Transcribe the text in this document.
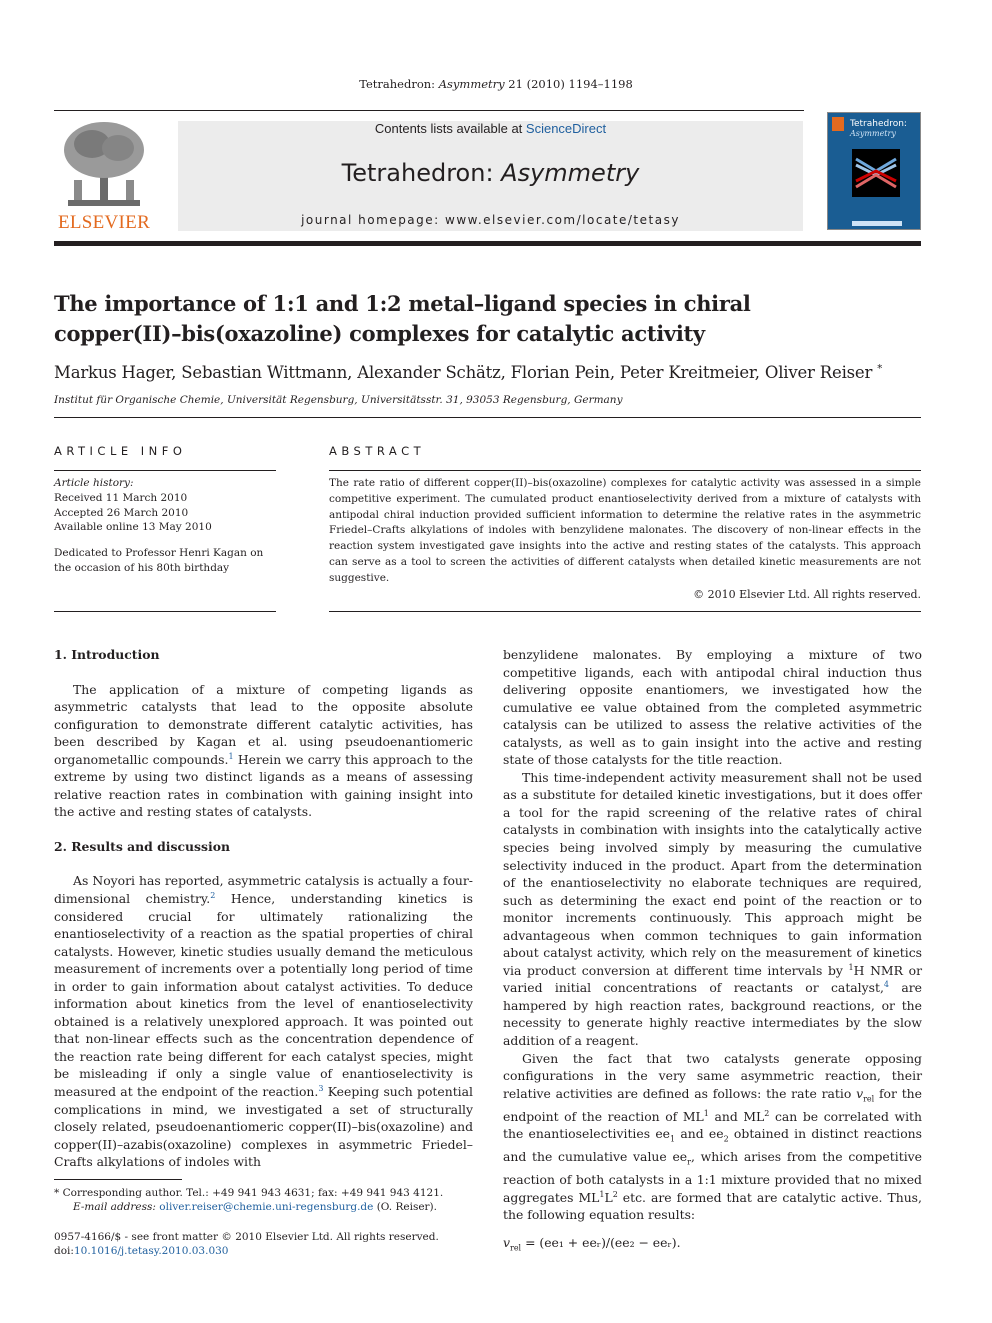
Tetrahedron: Asymmetry 21 (2010) 1194–1198
ELSEVIER
Contents lists available at ScienceDirect
Tetrahedron: Asymmetry
journal homepage: www.elsevier.com/locate/tetasy
Tetrahedron:
Asymmetry
The importance of 1:1 and 1:2 metal–ligand species in chiral
copper(II)–bis(oxazoline) complexes for catalytic activity
Markus Hager, Sebastian Wittmann, Alexander Schätz, Florian Pein, Peter Kreitmeier, Oliver Reiser *
Institut für Organische Chemie, Universität Regensburg, Universitätsstr. 31, 93053 Regensburg, Germany
ARTICLE INFO	ABSTRACT
Article history:
Received 11 March 2010
Accepted 26 March 2010
Available online 13 May 2010
Dedicated to Professor Henri Kagan on the occasion of his 80th birthday
The rate ratio of different copper(II)–bis(oxazoline) complexes for catalytic activity was assessed in a simple competitive experiment. The cumulated product enantioselectivity derived from a mixture of catalysts with antipodal chiral induction provided sufficient information to determine the relative rates in the asymmetric Friedel–Crafts alkylations of indoles with benzylidene malonates. The discovery of non-linear effects in the reaction system investigated gave insights into the active and resting states of the catalysts. This approach can serve as a tool to screen the activities of different catalysts when detailed kinetic measurements are not suggestive.
© 2010 Elsevier Ltd. All rights reserved.
1. Introduction
The application of a mixture of competing ligands as asymmetric catalysts that lead to the opposite absolute configuration to demonstrate different catalytic activities, has been described by Kagan et al. using pseudoenantiomeric organometallic compounds.$^1$ Herein we carry this approach to the extreme by using two distinct ligands as a means of assessing relative reaction rates in combination with gaining insight into the active and resting states of catalysts.
2. Results and discussion
As Noyori has reported, asymmetric catalysis is actually a four-dimensional chemistry.$^2$ Hence, understanding kinetics is considered crucial for ultimately rationalizing the enantioselectivity of a reaction as the spatial properties of chiral catalysts. However, kinetic studies usually demand the meticulous measurement of increments over a potentially long period of time in order to gain information about catalyst activities. To deduce information about kinetics from the level of enantioselectivity obtained is a relatively unexplored approach. It was pointed out that non-linear effects such as the concentration dependence of the reaction rate being different for each catalyst species, might be misleading if only a single value of enantioselectivity is measured at the endpoint of the reaction.$^3$ Keeping such potential complications in mind, we investigated a set of structurally closely related, pseudoenantiomeric copper(II)–bis(oxazoline) and copper(II)–azabis(oxazoline) complexes in asymmetric Friedel–Crafts alkylations of indoles with
benzylidene malonates. By employing a mixture of two competitive ligands, each with antipodal chiral induction thus delivering opposite enantiomers, we investigated how the cumulative ee value obtained from the completed asymmetric catalysis can be utilized to assess the relative activities of the catalysts, as well as to gain insight into the active and resting state of those catalysts for the title reaction.
This time-independent activity measurement shall not be used as a substitute for detailed kinetic investigations, but it does offer a tool for the rapid screening of the relative rates of chiral catalysts in combination with insights into the catalytically active species being involved simply by measuring the cumulative selectivity induced in the product. Apart from the determination of the enantioselectivity no elaborate techniques are required, such as determining the exact end point of the reaction or to monitor increments continuously. This approach might be advantageous when common techniques to gain information about catalyst activity, which rely on the measurement of kinetics via product conversion at different time intervals by $^1$H NMR or varied initial concentrations of reactants or catalyst,$^4$ are hampered by high reaction rates, background reactions, or the necessity to generate highly reactive intermediates by the slow addition of a reagent.
Given the fact that two catalysts generate opposing configurations in the very same asymmetric reaction, their relative activities are defined as follows: the rate ratio $v_{rel}$ for the endpoint of the reaction of $ML^1$ and $ML^2$ can be correlated with the enantioselectivities $ee_1$ and $ee_2$ obtained in distinct reactions and the cumulative value $ee_r$, which arises from the competitive reaction of both catalysts in a 1:1 mixture provided that no mixed aggregates $ML^1L^2$ etc. are formed that are catalytic active. Thus, the following equation results:
$v_{rel} = (ee_1$ + eeᵣ)/(ee₂ − eeᵣ).
* Corresponding author. Tel.: +49 941 943 4631; fax: +49 941 943 4121.
E-mail address: oliver.reiser@chemie.uni-regensburg.de (O. Reiser).
0957-4166/$ - see front matter © 2010 Elsevier Ltd. All rights reserved.
doi:10.1016/j.tetasy.2010.03.030
